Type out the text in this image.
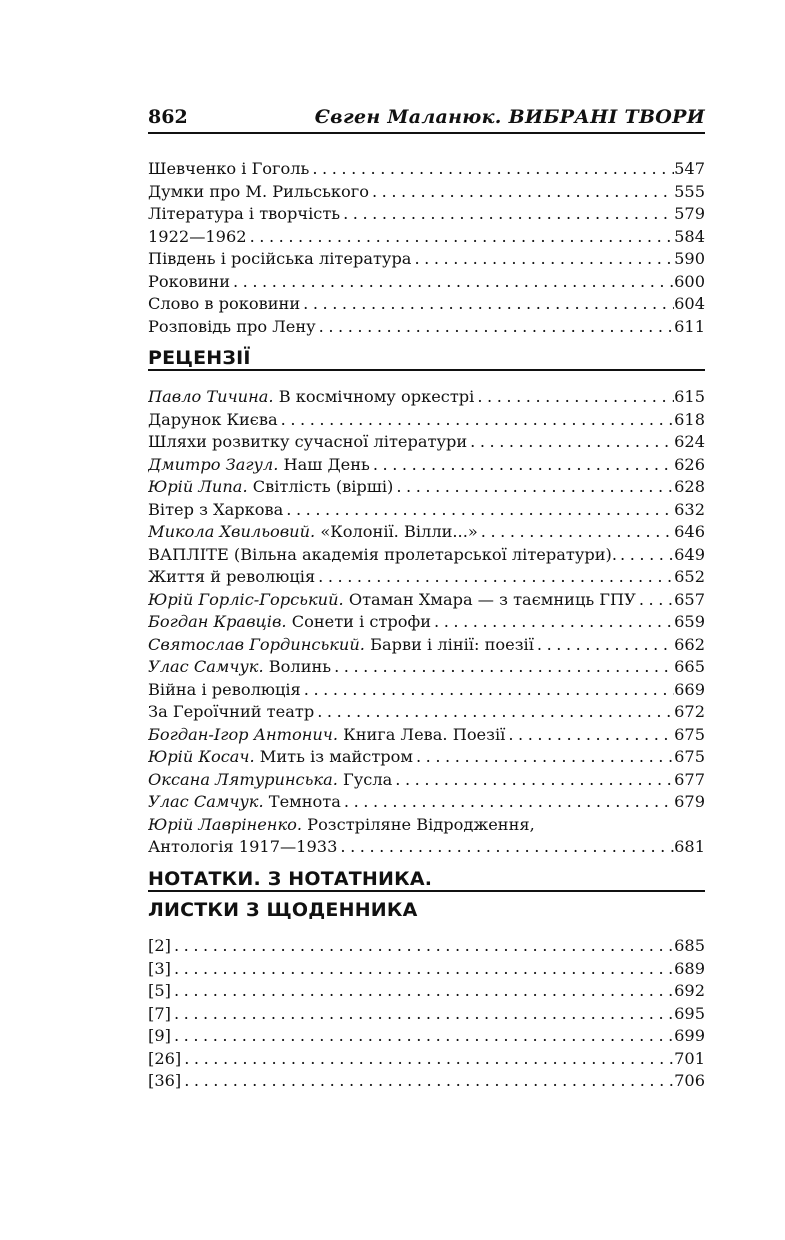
862	Євген Маланюк. ВИБРАНІ ТВОРИ
Шевченко і Гоголь . . .	547
Думки про М. Рильського . . .	555
Література і творчість . . .	579
1922—1962 . . .	584
Південь і російська література . . .	590
Роковини . . .	600
Слово в роковини . . .	604
Розповідь про Лену . . .	611
РЕЦЕНЗІЇ
Павло Тичина. В космічному оркестрі . . .	615
Дарунок Києва . . .	618
Шляхи розвитку сучасної літератури . . .	624
Дмитро Загул. Наш День . . .	626
Юрій Липа. Світлість (вірші) . . .	628
Вітер з Харкова . . .	632
Микола Хвильовий. «Колонії. Вілли...» . . .	646
ВАПЛІТЕ (Вільна академія пролетарської літератури). . . .	649
Життя й революція . . .	652
Юрій Горліс-Горський. Отаман Хмара — з таємниць ГПУ . . . 657
Богдан Кравців. Сонети і строфи . . .	659
Святослав Гординський. Барви і лінії: поезії . . .	662
Улас Самчук. Волинь . . .	665
Війна і революція . . .	669
За Героїчний театр . . .	672
Богдан-Ігор Антонич. Книга Лева. Поезії . . .	675
Юрій Косач. Мить із майстром . . .	675
Оксана Лятуринська. Гусла . . .	677
Улас Самчук. Темнота . . .	679
Юрій Лавріненко. Розстріляне Відродження,
Антологія 1917—1933 . . .	681
НОТАТКИ. З НОТАТНИКА.
ЛИСТКИ З ЩОДЕННИКА
[2] . . .	685
[3] . . .	689
[5] . . .	692
[7] . . .	695
[9] . . .	699
[26] . . .	701
[36] . . .	706
